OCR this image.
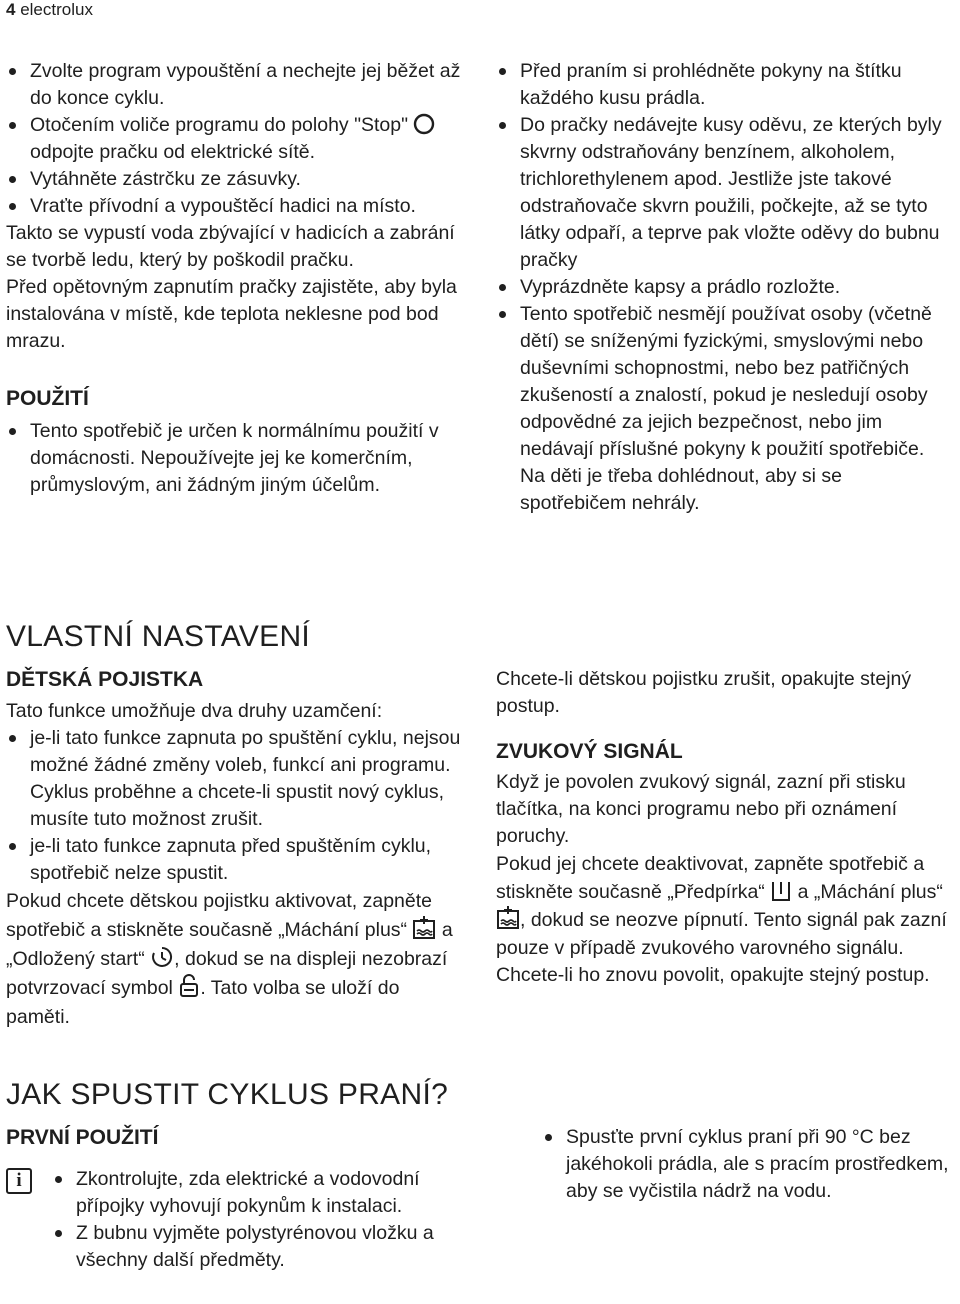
4 electrolux
Zvolte program vypouštění a nechejte jej běžet až do konce cyklu.
Otočením voliče programu do polohy "Stop"  odpojte pračku od elektrické sítě.
Vytáhněte zástrčku ze zásuvky.
Vraťte přívodní a vypouštěcí hadici na místo.

Takto se vypustí voda zbývající v hadicích a zabrání se tvorbě ledu, který by poškodil pračku.

Před opětovným zapnutím pračky zajistěte, aby byla instalována v místě, kde teplota neklesne pod bod mrazu.

POUŽITÍ

Tento spotřebič je určen k normálnímu použití v domácnosti. Nepoužívejte jej ke komerčním, průmyslovým, ani žádným jiným účelům.
Před praním si prohlédněte pokyny na štítku každého kusu prádla.
Do pračky nedávejte kusy oděvu, ze kterých byly skvrny odstraňovány benzínem, alkoholem, trichlorethylenem apod. Jestliže jste takové odstraňovače skvrn použili, počkejte, až se tyto látky odpaří, a teprve pak vložte oděvy do bubnu pračky
Vyprázdněte kapsy a prádlo rozložte.
Tento spotřebič nesmějí používat osoby (včetně dětí) se sníženými fyzickými, smyslovými nebo duševními schopnostmi, nebo bez patřičných zkušeností a znalostí, pokud je nesledují osoby odpovědné za jejich bezpečnost, nebo jim nedávají příslušné pokyny k použití spotřebiče.

Na děti je třeba dohlédnout, aby si se spotřebičem nehrály.

VLASTNÍ NASTAVENÍ

DĚTSKÁ POJISTKA

Tato funkce umožňuje dva druhy uzamčení:

je-li tato funkce zapnuta po spuštění cyklu, nejsou možné žádné změny voleb, funkcí ani programu.

Cyklus proběhne a chcete-li spustit nový cyklus, musíte tuto možnost zrušit.

je-li tato funkce zapnuta před spuštěním cyklu, spotřebič nelze spustit.

Pokud chcete dětskou pojistku aktivovat, zapněte spotřebič a stiskněte současně „Máchání plus“  a „Odložený start“ , dokud se na displeji nezobrazí potvrzovací symbol . Tato volba se uloží do paměti.

Chcete-li dětskou pojistku zrušit, opakujte stejný postup.

ZVUKOVÝ SIGNÁL

Když je povolen zvukový signál, zazní při stisku tlačítka, na konci programu nebo při oznámení poruchy.

Pokud jej chcete deaktivovat, zapněte spotřebič a stiskněte současně „Předpírka“  a „Máchání plus“ , dokud se neozve pípnutí. Tento signál pak zazní pouze v případě zvukového varovného signálu.

Chcete-li ho znovu povolit, opakujte stejný postup.

JAK SPUSTIT CYKLUS PRANÍ?

PRVNÍ POUŽITÍ

i	Zkontrolujte, zda elektrické a vodovodní přípojky vyhovují pokynům k instalaci.
Z bubnu vyjměte polystyrénovou vložku a všechny další předměty.
Spusťte první cyklus praní při 90 °C bez jakéhokoli prádla, ale s pracím prostředkem, aby se vyčistila nádrž na vodu.
